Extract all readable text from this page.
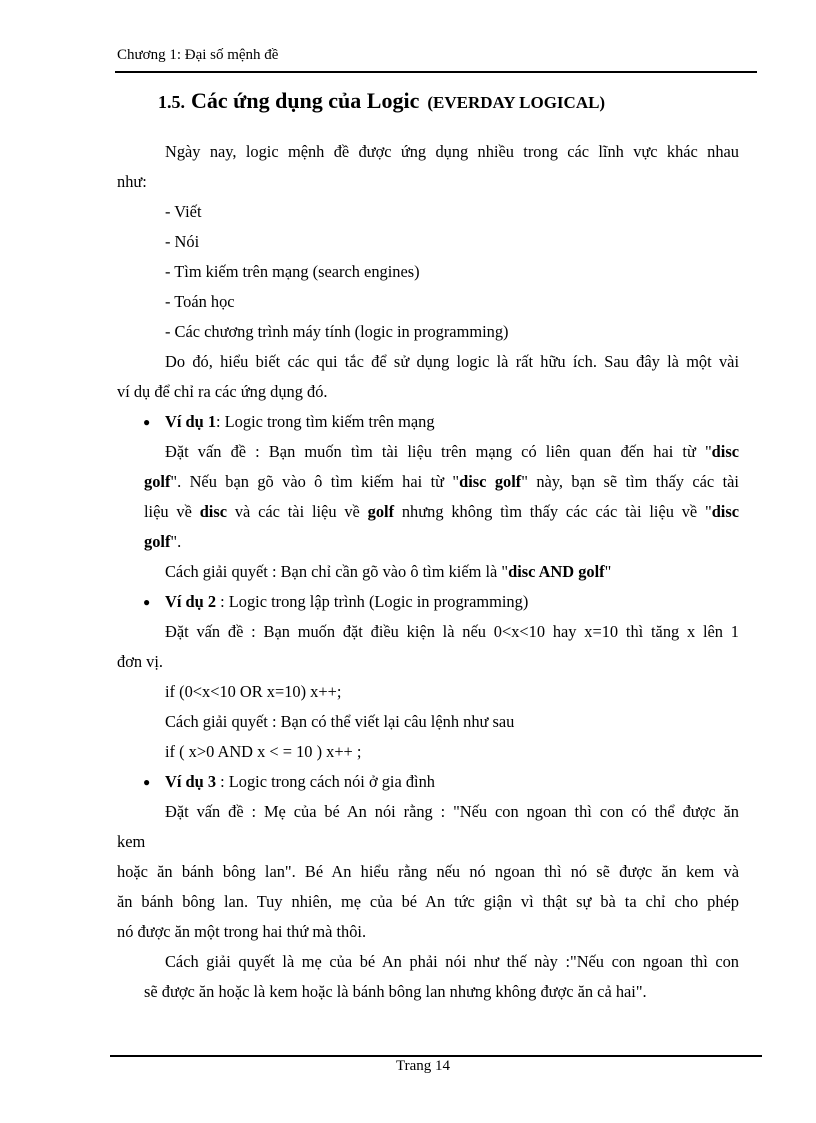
Chương 1: Đại số mệnh đề
1.5. Các ứng dụng của Logic (EVERDAY LOGICAL)
Ngày nay, logic mệnh đề được ứng dụng nhiều trong các lĩnh vực khác nhau
như:
- Viết
- Nói
- Tìm kiếm trên mạng (search engines)
- Toán học
- Các chương trình máy tính (logic in programming)
Do đó, hiểu biết các qui tắc để sử dụng logic là rất hữu ích. Sau đây là một vài
ví dụ để chỉ ra các ứng dụng đó.
● Ví dụ 1: Logic trong tìm kiếm trên mạng
Đặt vấn đề : Bạn muốn tìm tài liệu trên mạng có liên quan đến hai từ "disc
golf". Nếu bạn gõ vào ô tìm kiếm hai từ "disc golf" này, bạn sẽ tìm thấy các tài
liệu về disc và các tài liệu về golf nhưng không tìm thấy các các tài liệu về "disc
golf".
Cách giải quyết : Bạn chỉ cần gõ vào ô tìm kiếm là "disc AND golf"
● Ví dụ 2 : Logic trong lập trình (Logic in programming)
Đặt vấn đề : Bạn muốn đặt điều kiện là nếu 0<x<10 hay x=10 thì tăng x lên 1
đơn vị.
if (0<x<10 OR x=10) x++;
Cách giải quyết : Bạn có thể viết lại câu lệnh như sau
if ( x>0 AND x < = 10 ) x++ ;
● Ví dụ 3 : Logic trong cách nói ở gia đình
Đặt vấn đề : Mẹ của bé An nói rằng : "Nếu con ngoan thì con có thể được ăn
kem
hoặc ăn bánh bông lan". Bé An hiểu rằng nếu nó ngoan thì nó sẽ được ăn kem và
ăn bánh bông lan. Tuy nhiên, mẹ của bé An tức giận vì thật sự bà ta chỉ cho phép
nó được ăn một trong hai thứ mà thôi.
Cách giải quyết là mẹ của bé An phải nói như thế này :"Nếu con ngoan thì con
sẽ được ăn hoặc là kem hoặc là bánh bông lan nhưng không được ăn cả hai".
Trang 14
